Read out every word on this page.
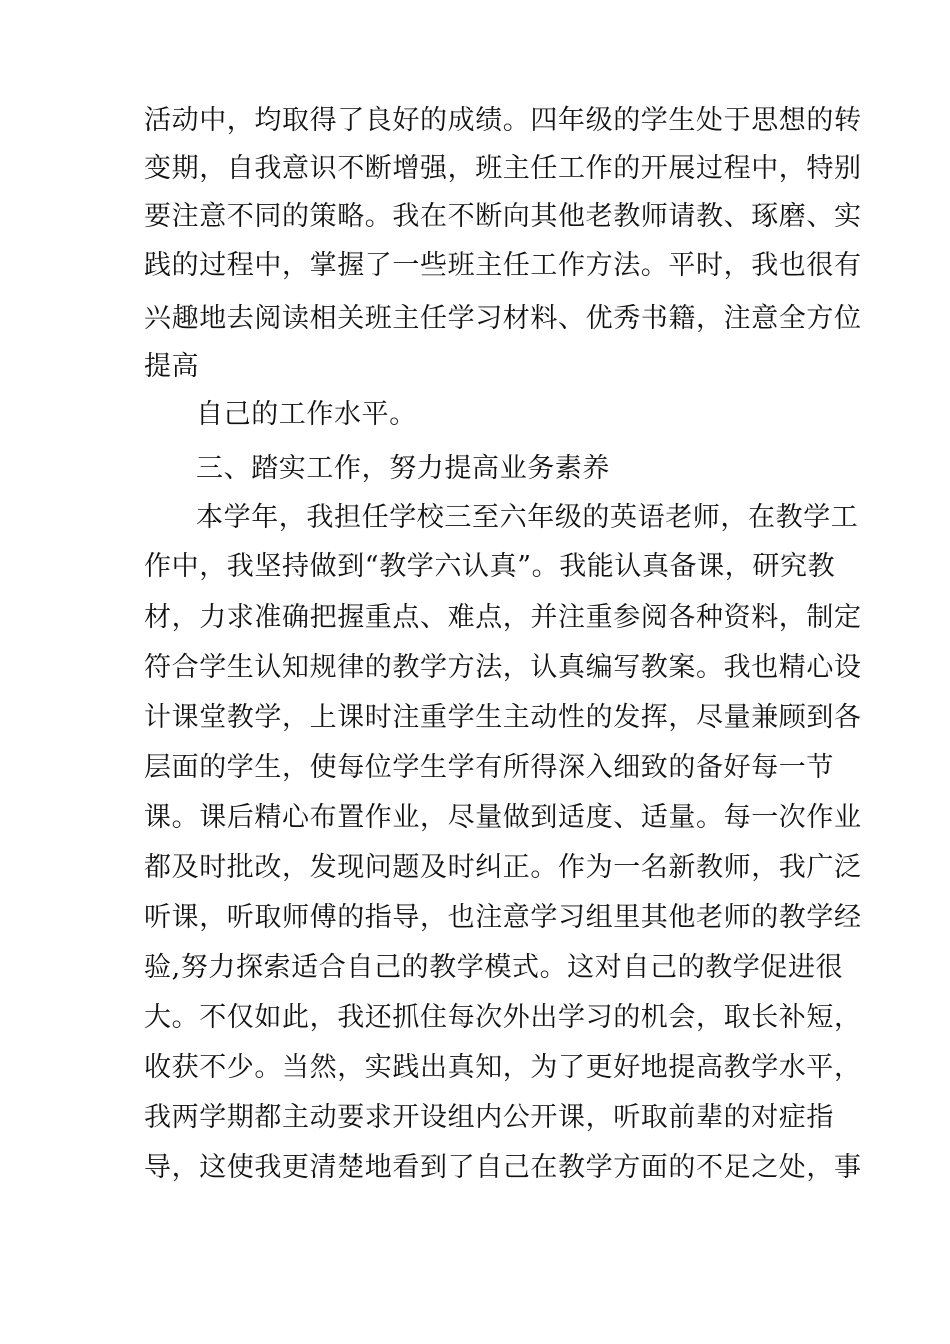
活动中，均取得了良好的成绩。四年级的学生处于思想的转
变期，自我意识不断增强，班主任工作的开展过程中，特别
要注意不同的策略。我在不断向其他老教师请教、琢磨、实
践的过程中，掌握了一些班主任工作方法。平时，我也很有
兴趣地去阅读相关班主任学习材料、优秀书籍，注意全方位
提高
自己的工作水平。
三、踏实工作，努力提高业务素养
本学年，我担任学校三至六年级的英语老师，在教学工
作中，我坚持做到“教学六认真”。我能认真备课，研究教
材，力求准确把握重点、难点，并注重参阅各种资料，制定
符合学生认知规律的教学方法，认真编写教案。我也精心设
计课堂教学，上课时注重学生主动性的发挥，尽量兼顾到各
层面的学生，使每位学生学有所得深入细致的备好每一节
课。课后精心布置作业，尽量做到适度、适量。每一次作业
都及时批改，发现问题及时纠正。作为一名新教师，我广泛
听课，听取师傅的指导，也注意学习组里其他老师的教学经
验,努力探索适合自己的教学模式。这对自己的教学促进很
大。不仅如此，我还抓住每次外出学习的机会，取长补短，
收获不少。当然，实践出真知，为了更好地提高教学水平，
我两学期都主动要求开设组内公开课，听取前辈的对症指
导，这使我更清楚地看到了自己在教学方面的不足之处，事
